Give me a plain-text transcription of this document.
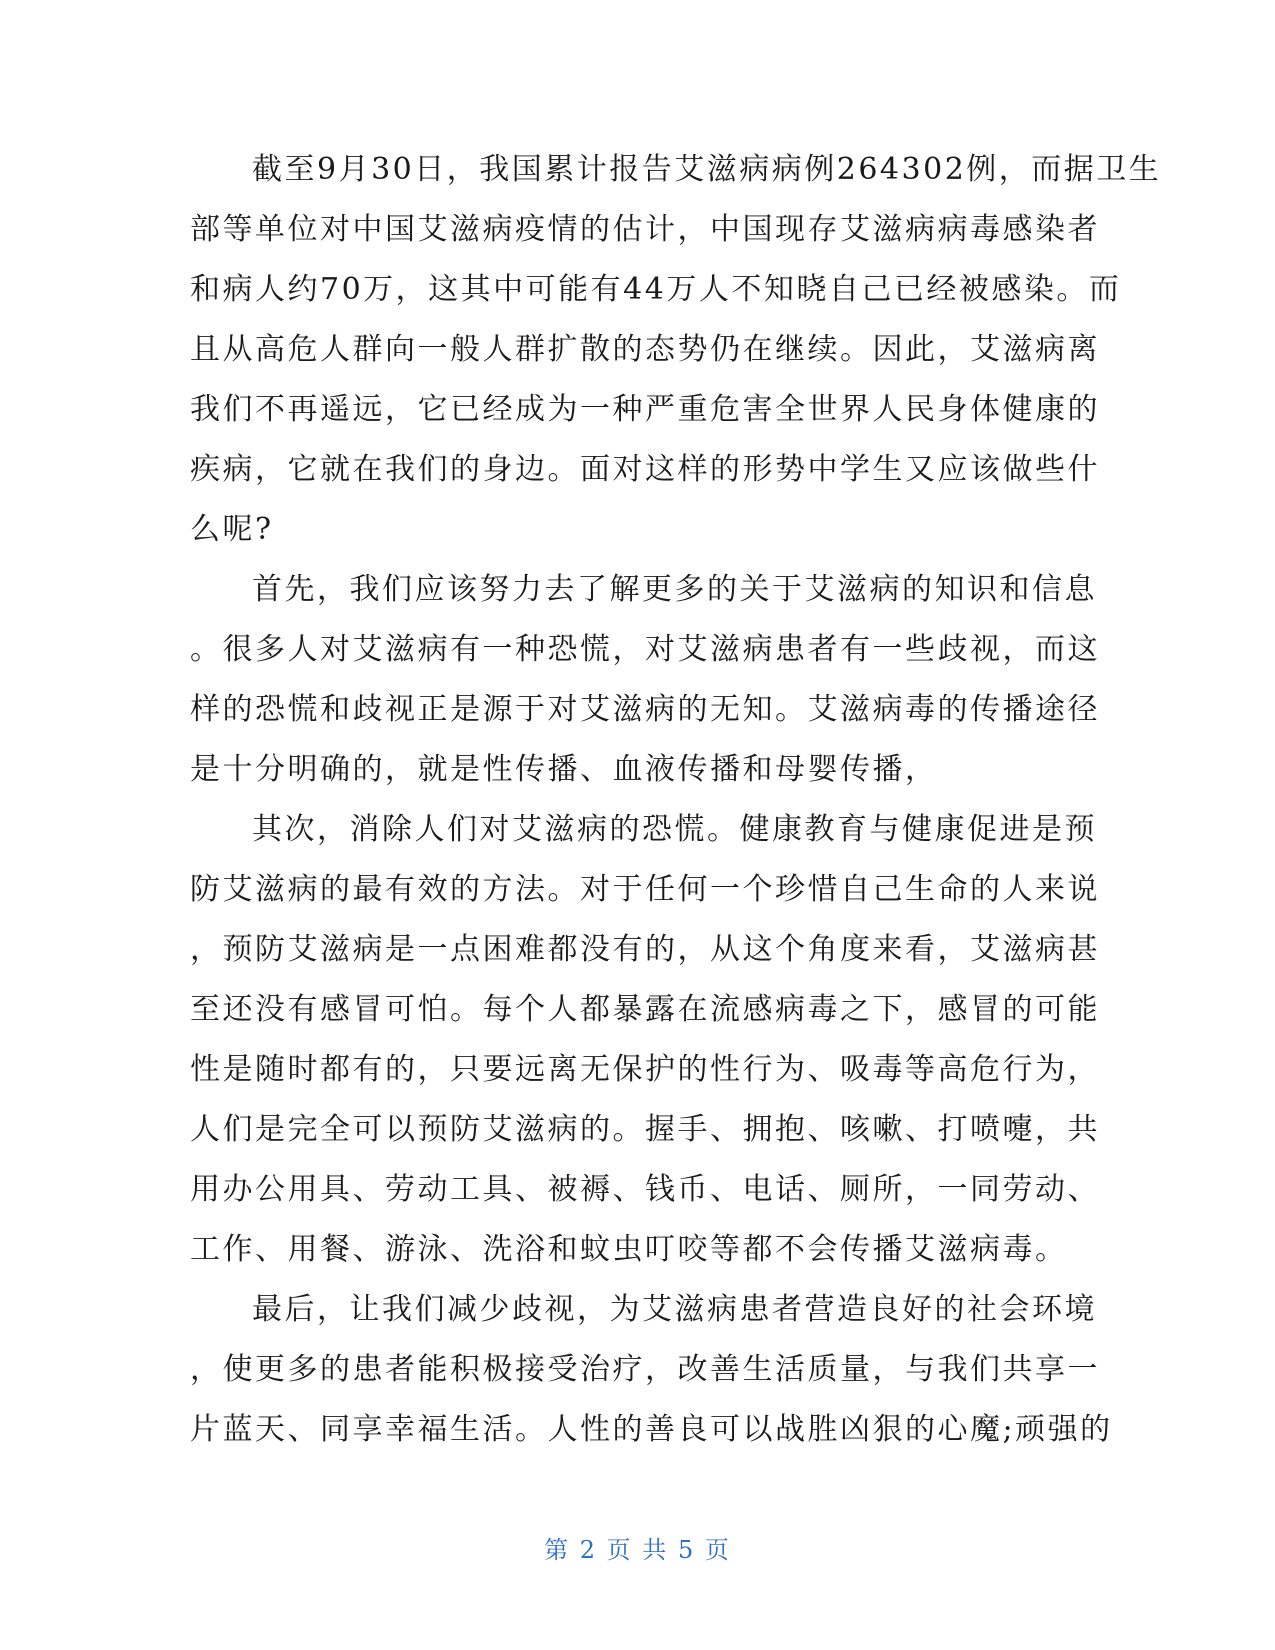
截至9月30日，我国累计报告艾滋病病例264302例，而据卫生
部等单位对中国艾滋病疫情的估计，中国现存艾滋病病毒感染者
和病人约70万，这其中可能有44万人不知晓自己已经被感染。而
且从高危人群向一般人群扩散的态势仍在继续。因此，艾滋病离
我们不再遥远，它已经成为一种严重危害全世界人民身体健康的
疾病，它就在我们的身边。面对这样的形势中学生又应该做些什
么呢?
首先，我们应该努力去了解更多的关于艾滋病的知识和信息
。很多人对艾滋病有一种恐慌，对艾滋病患者有一些歧视，而这
样的恐慌和歧视正是源于对艾滋病的无知。艾滋病毒的传播途径
是十分明确的，就是性传播、血液传播和母婴传播，
其次，消除人们对艾滋病的恐慌。健康教育与健康促进是预
防艾滋病的最有效的方法。对于任何一个珍惜自己生命的人来说
，预防艾滋病是一点困难都没有的，从这个角度来看，艾滋病甚
至还没有感冒可怕。每个人都暴露在流感病毒之下，感冒的可能
性是随时都有的，只要远离无保护的性行为、吸毒等高危行为，
人们是完全可以预防艾滋病的。握手、拥抱、咳嗽、打喷嚏，共
用办公用具、劳动工具、被褥、钱币、电话、厕所，一同劳动、
工作、用餐、游泳、洗浴和蚊虫叮咬等都不会传播艾滋病毒。
最后，让我们减少歧视，为艾滋病患者营造良好的社会环境
，使更多的患者能积极接受治疗，改善生活质量，与我们共享一
片蓝天、同享幸福生活。人性的善良可以战胜凶狠的心魔;顽强的
第 2 页 共 5 页
